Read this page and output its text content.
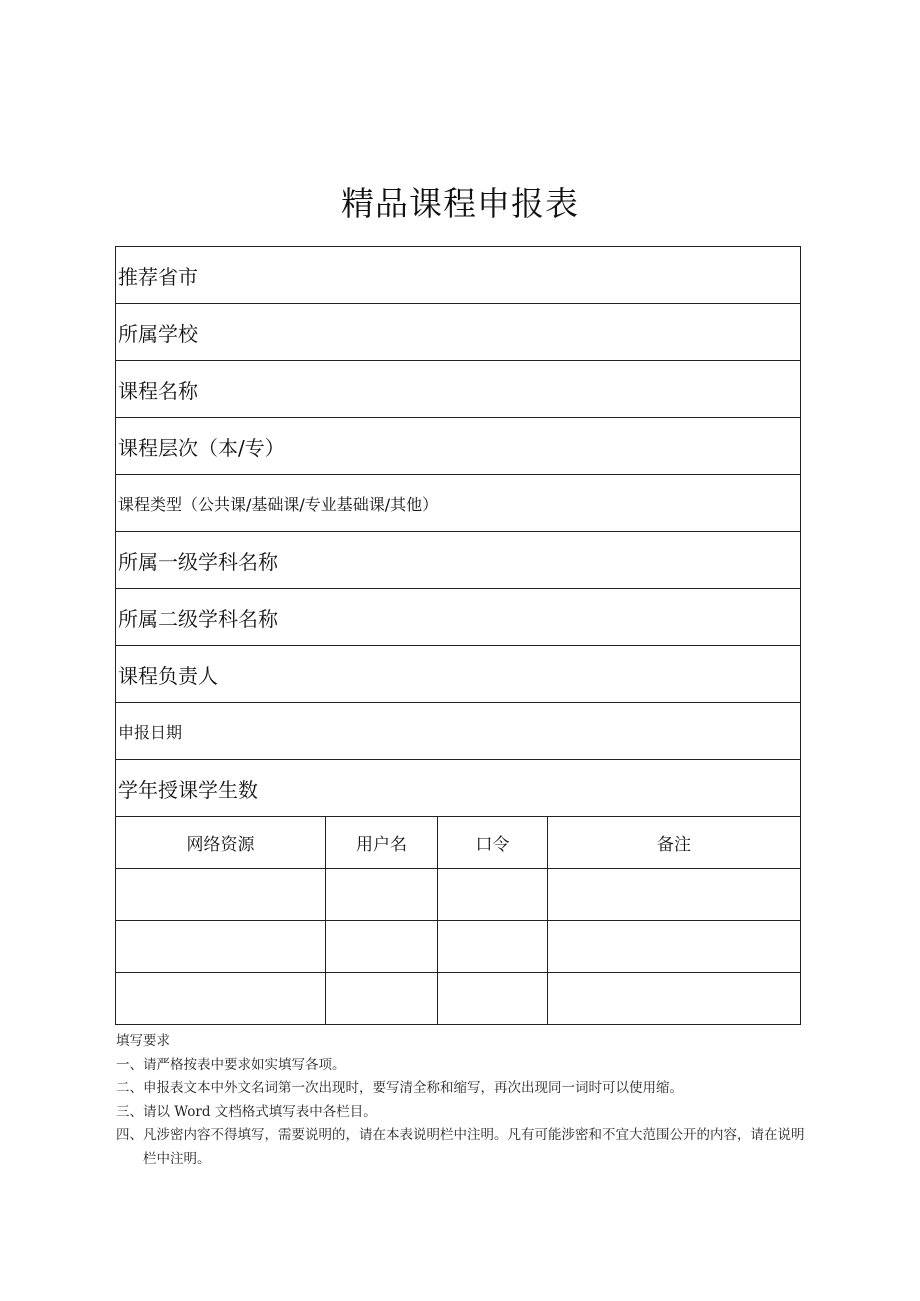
精品课程申报表
推荐省市			
所属学校			
课程名称			
课程层次（本/专）			
课程类型（公共课/基础课/专业基础课/其他）			
所属一级学科名称			
所属二级学科名称			
课程负责人			
申报日期			
学年授课学生数			
网络资源	用户名	口令	备注

填写要求

一、请严格按表中要求如实填写各项。

二、申报表文本中外文名词第一次出现时，要写清全称和缩写，再次出现同一词时可以使用缩。

三、请以 Word 文档格式填写表中各栏目。

四、凡涉密内容不得填写，需要说明的，请在本表说明栏中注明。凡有可能涉密和不宜大范围公开的内容，请在说明栏中注明。
